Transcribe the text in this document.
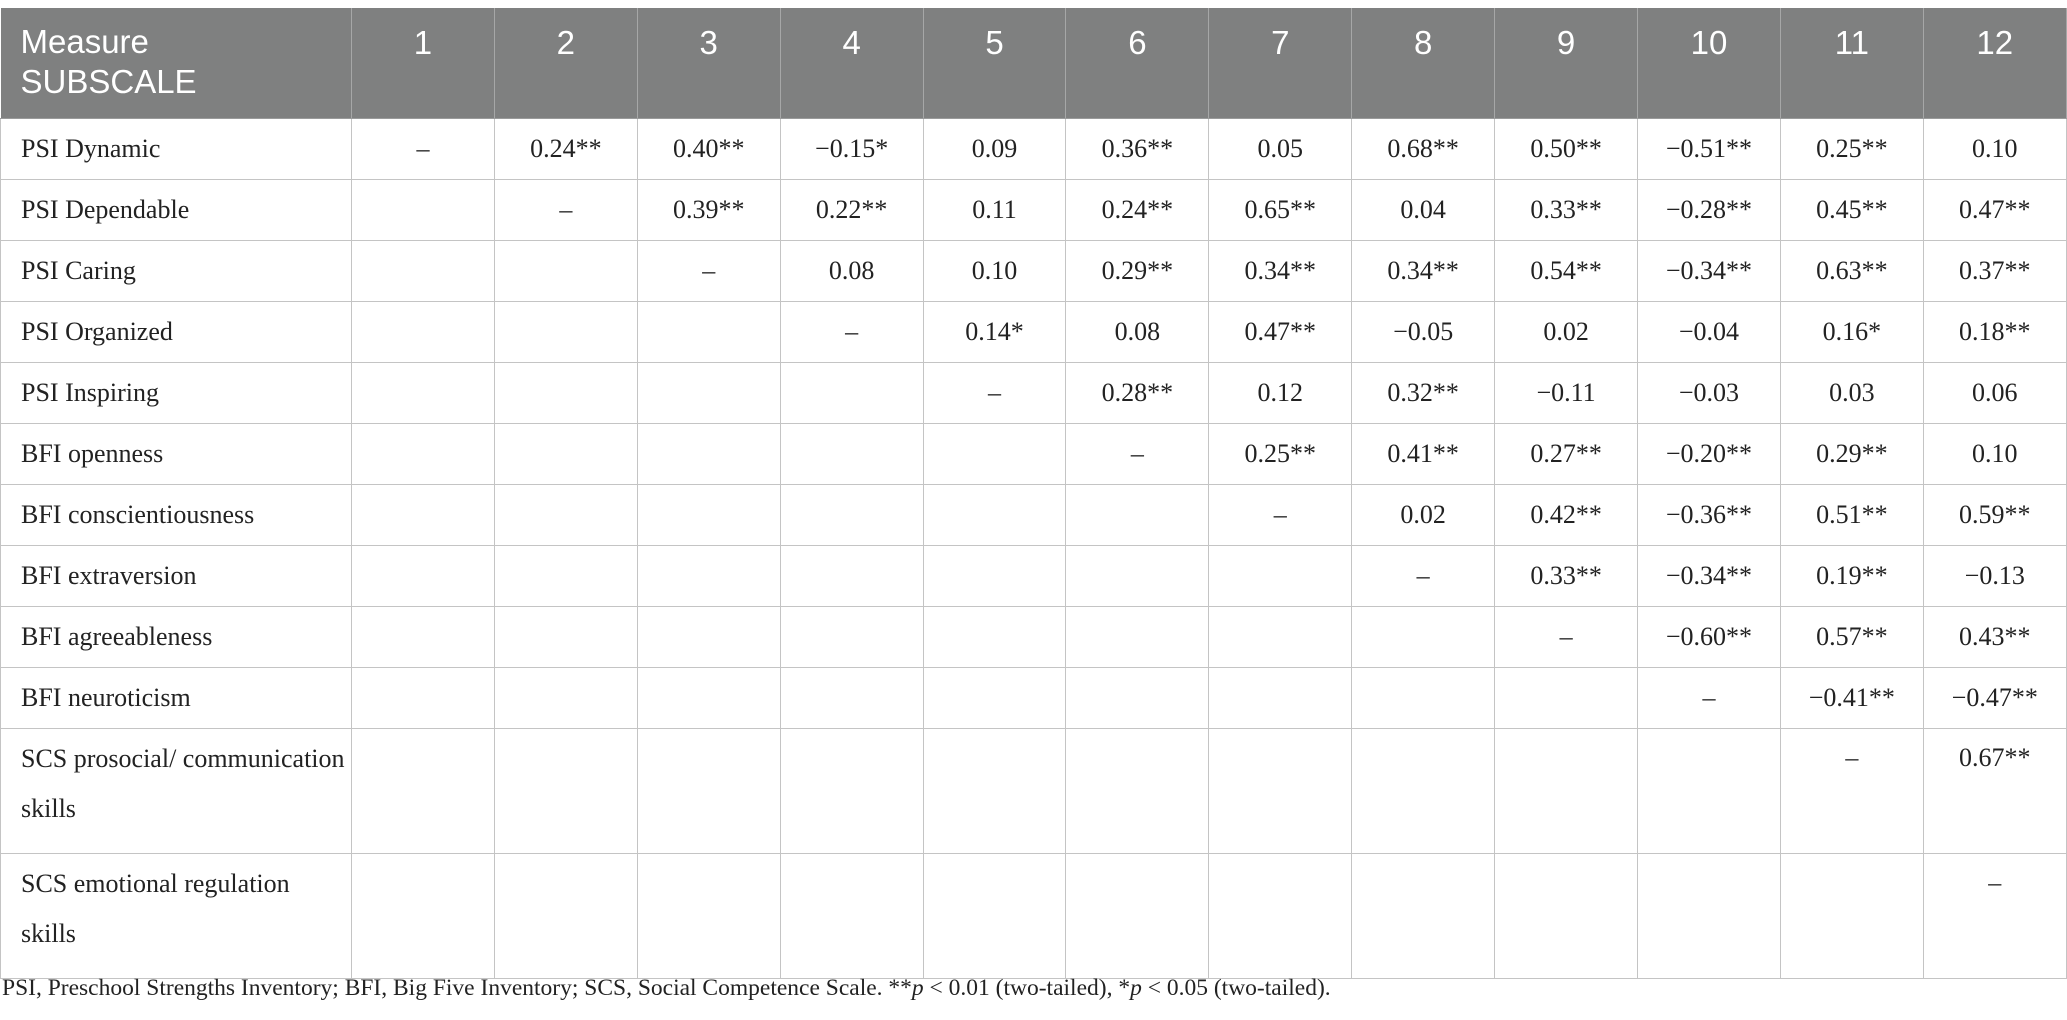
Measure
SUBSCALE	1	2	3	4	5	6	7	8	9	10	11	12
PSI Dynamic	–	0.24**	0.40**	−0.15*	0.09	0.36**	0.05	0.68**	0.50**	−0.51**	0.25**	0.10
PSI Dependable		–	0.39**	0.22**	0.11	0.24**	0.65**	0.04	0.33**	−0.28**	0.45**	0.47**
PSI Caring			–	0.08	0.10	0.29**	0.34**	0.34**	0.54**	−0.34**	0.63**	0.37**
PSI Organized				–	0.14*	0.08	0.47**	−0.05	0.02	−0.04	0.16*	0.18**
PSI Inspiring					–	0.28**	0.12	0.32**	−0.11	−0.03	0.03	0.06
BFI openness						–	0.25**	0.41**	0.27**	−0.20**	0.29**	0.10
BFI conscientiousness							–	0.02	0.42**	−0.36**	0.51**	0.59**
BFI extraversion								–	0.33**	−0.34**	0.19**	−0.13
BFI agreeableness									–	−0.60**	0.57**	0.43**
BFI neuroticism										–	−0.41**	−0.47**
SCS prosocial/ communication skills											–	0.67**
SCS emotional regulation skills												–
PSI, Preschool Strengths Inventory; BFI, Big Five Inventory; SCS, Social Competence Scale. **p < 0.01 (two-tailed), *p < 0.05 (two-tailed).
